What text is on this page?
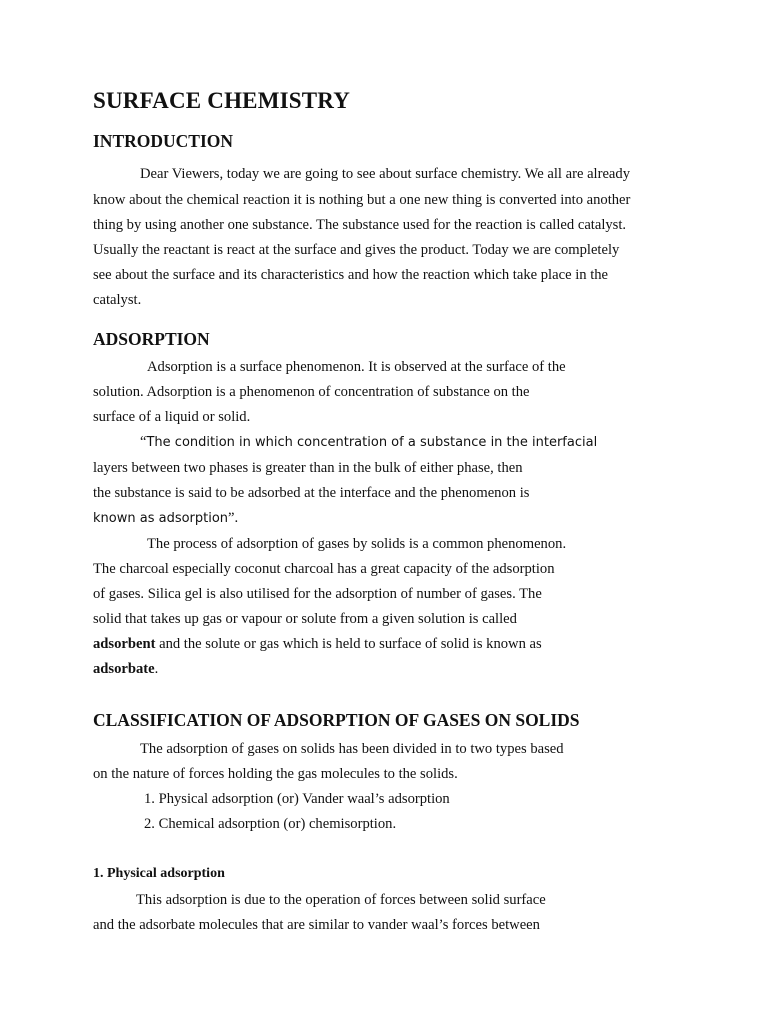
SURFACE CHEMISTRY
INTRODUCTION
Dear Viewers, today we are going to see about surface chemistry. We all are already
know about the chemical reaction it is nothing but a one new thing is converted into another
thing by using another one substance. The substance used for the reaction is called catalyst.
Usually the reactant is react at the surface and gives the product. Today we are completely
see about the surface and its characteristics and how the reaction which take place in the
catalyst.
ADSORPTION
Adsorption is a surface phenomenon. It is observed at the surface of the
solution. Adsorption is a phenomenon of concentration of substance on the
surface of a liquid or solid.
“The condition in which concentration of a substance in the interfacial
layers between two phases is greater than in the bulk of either phase, then
the substance is said to be adsorbed at the interface and the phenomenon is
known as adsorption”.
The process of adsorption of gases by solids is a common phenomenon.
The charcoal especially coconut charcoal has a great capacity of the adsorption
of gases. Silica gel is also utilised for the adsorption of number of gases. The
solid that takes up gas or vapour or solute from a given solution is called
adsorbent and the solute or gas which is held to surface of solid is known as
adsorbate.
CLASSIFICATION OF ADSORPTION OF GASES ON SOLIDS
The adsorption of gases on solids has been divided in to two types based
on the nature of forces holding the gas molecules to the solids.
1. Physical adsorption (or) Vander waal’s adsorption
2. Chemical adsorption (or) chemisorption.
1. Physical adsorption
This adsorption is due to the operation of forces between solid surface
and the adsorbate molecules that are similar to vander waal’s forces between
